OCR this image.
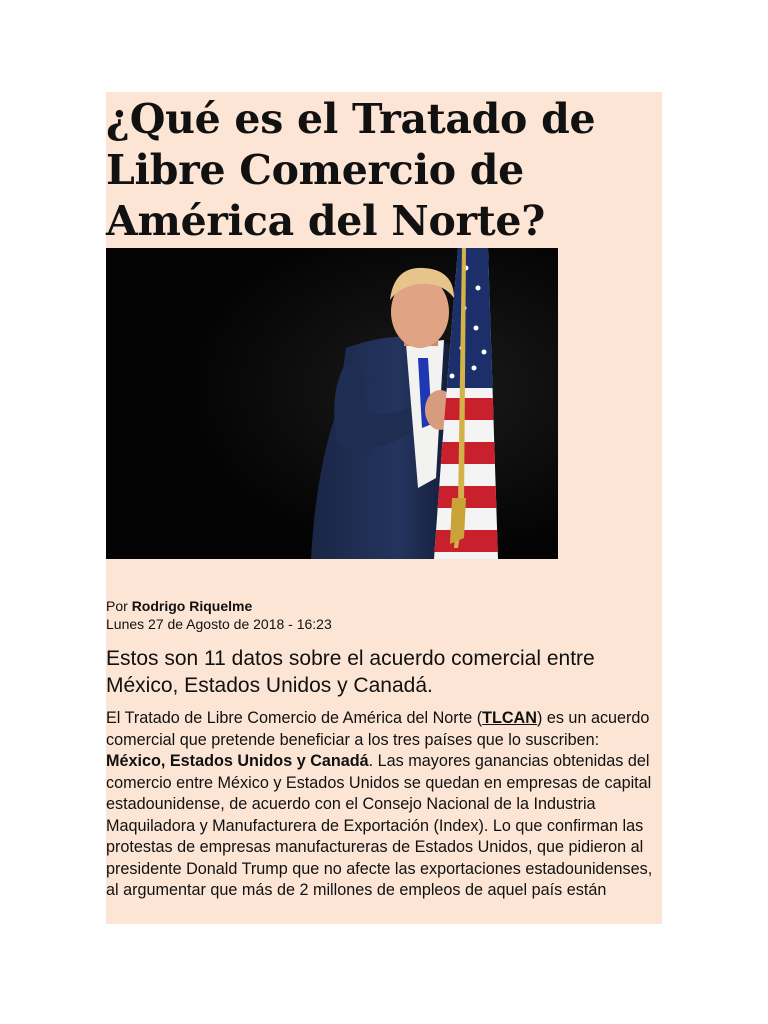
¿Qué es el Tratado de Libre Comercio de América del Norte?
Por Rodrigo Riquelme
Lunes 27 de Agosto de 2018 - 16:23
Estos son 11 datos sobre el acuerdo comercial entre México, Estados Unidos y Canadá.

El Tratado de Libre Comercio de América del Norte (TLCAN) es un acuerdo comercial que pretende beneficiar a los tres países que lo suscriben: México, Estados Unidos y Canadá. Las mayores ganancias obtenidas del comercio entre México y Estados Unidos se quedan en empresas de capital estadounidense, de acuerdo con el Consejo Nacional de la Industria Maquiladora y Manufacturera de Exportación (Index). Lo que confirman las protestas de empresas manufactureras de Estados Unidos, que pidieron al presidente Donald Trump que no afecte las exportaciones estadounidenses, al argumentar que más de 2 millones de empleos de aquel país están
